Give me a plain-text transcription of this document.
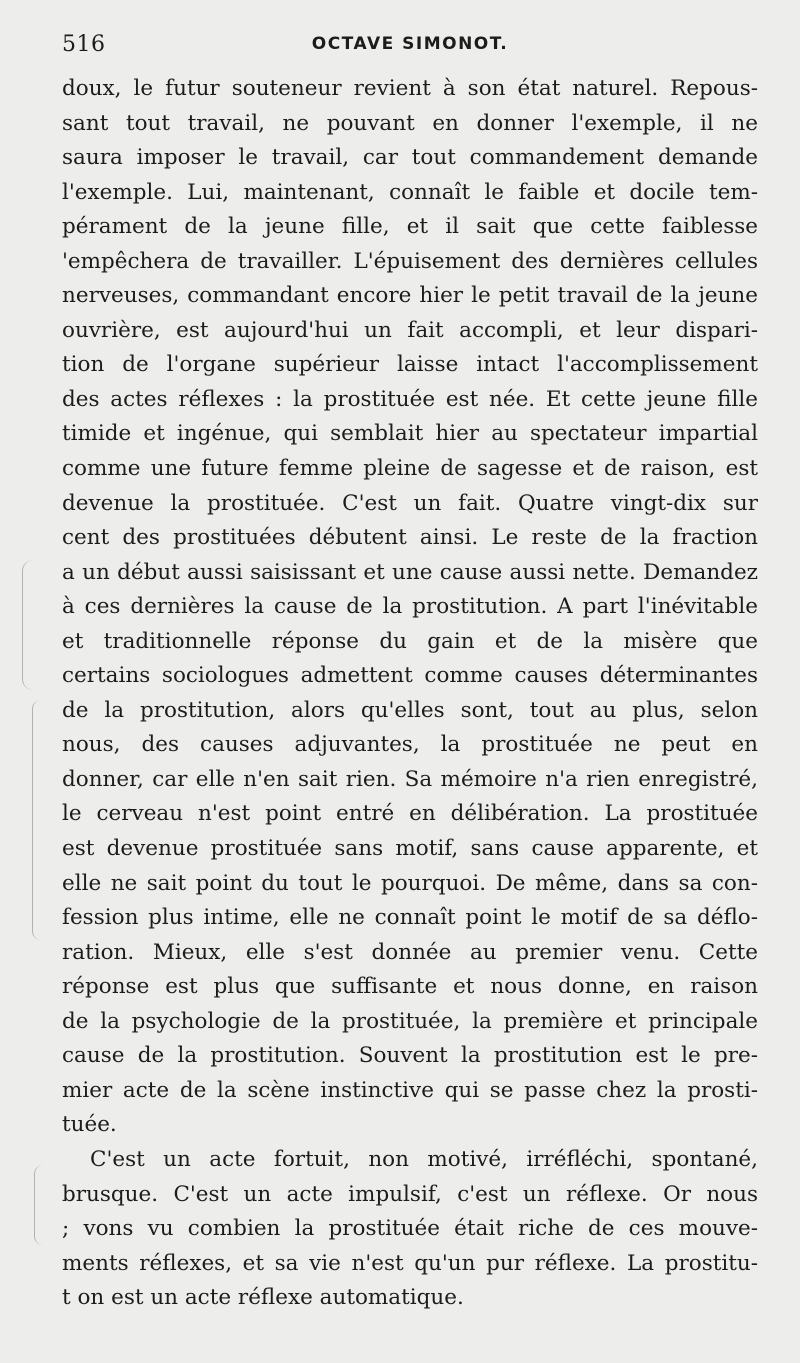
516	OCTAVE SIMONOT.
doux, le futur souteneur revient à son état naturel. Repous-
sant tout travail, ne pouvant en donner l'exemple, il ne
saura imposer le travail, car tout commandement demande
l'exemple. Lui, maintenant, connaît le faible et docile tem-
pérament de la jeune fille, et il sait que cette faiblesse
'empêchera de travailler. L'épuisement des dernières cellules
nerveuses, commandant encore hier le petit travail de la jeune
ouvrière, est aujourd'hui un fait accompli, et leur dispari-
tion de l'organe supérieur laisse intact l'accomplissement
des actes réflexes : la prostituée est née. Et cette jeune fille
timide et ingénue, qui semblait hier au spectateur impartial
comme une future femme pleine de sagesse et de raison, est
devenue la prostituée. C'est un fait. Quatre vingt-dix sur
cent des prostituées débutent ainsi. Le reste de la fraction
a un début aussi saisissant et une cause aussi nette. Demandez
à ces dernières la cause de la prostitution. A part l'inévitable
et traditionnelle réponse du gain et de la misère que
certains sociologues admettent comme causes déterminantes
de la prostitution, alors qu'elles sont, tout au plus, selon
nous, des causes adjuvantes, la prostituée ne peut en
donner, car elle n'en sait rien. Sa mémoire n'a rien enregistré,
le cerveau n'est point entré en délibération. La prostituée
est devenue prostituée sans motif, sans cause apparente, et
elle ne sait point du tout le pourquoi. De même, dans sa con-
fession plus intime, elle ne connaît point le motif de sa déflo-
ration. Mieux, elle s'est donnée au premier venu. Cette
réponse est plus que suffisante et nous donne, en raison
de la psychologie de la prostituée, la première et principale
cause de la prostitution. Souvent la prostitution est le pre-
mier acte de la scène instinctive qui se passe chez la prosti-
tuée.
C'est un acte fortuit, non motivé, irréfléchi, spontané,
brusque. C'est un acte impulsif, c'est un réflexe. Or nous
; vons vu combien la prostituée était riche de ces mouve-
ments réflexes, et sa vie n'est qu'un pur réflexe. La prostitu-
t on est un acte réflexe automatique.
